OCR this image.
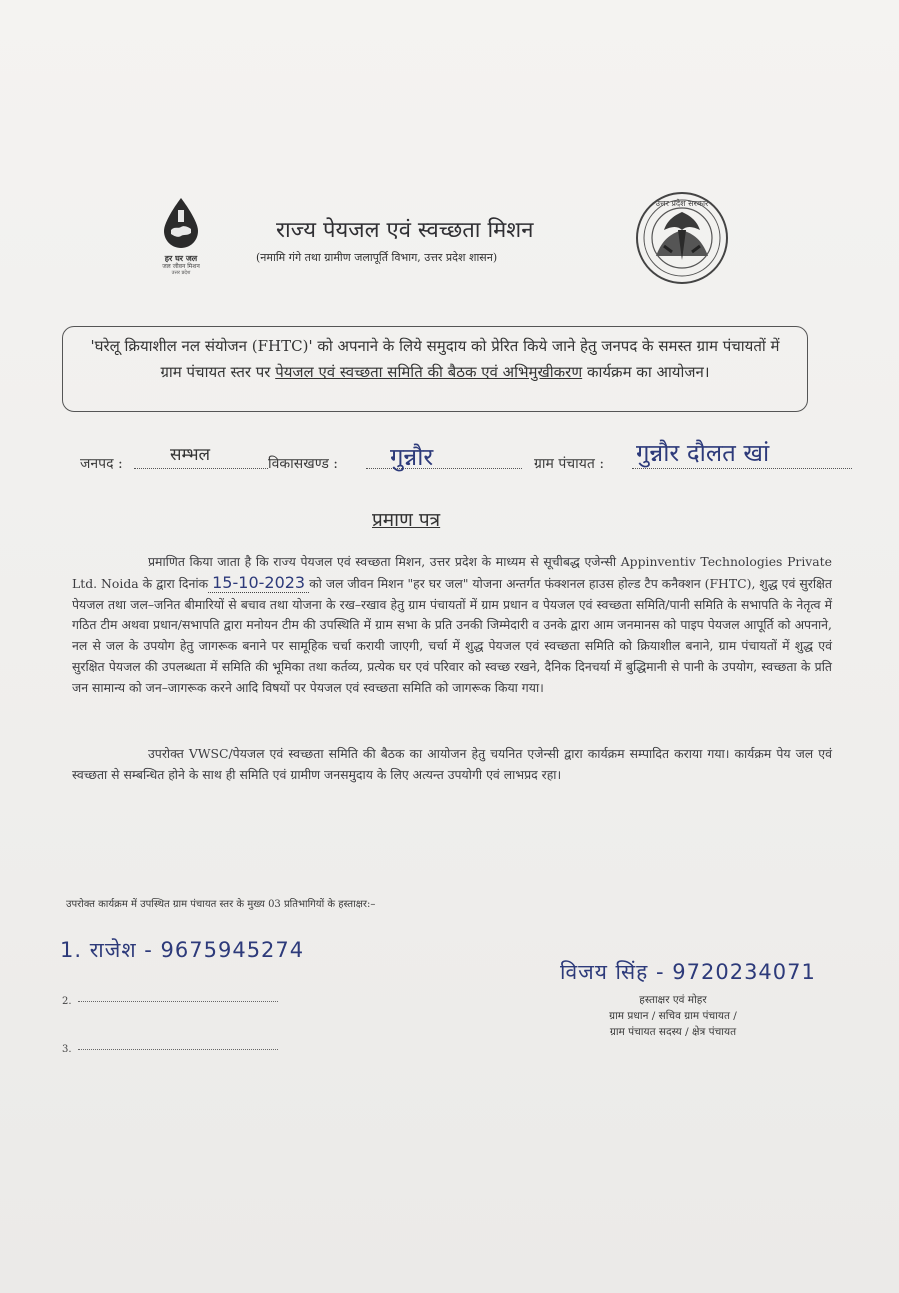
हर घर जल
जल जीवन मिशन
उत्तर प्रदेश
राज्य पेयजल एवं स्वच्छता मिशन
(नमामि गंगे तथा ग्रामीण जलापूर्ति विभाग, उत्तर प्रदेश शासन)
उत्तर प्रदेश सरकार
'घरेलू क्रियाशील नल संयोजन (FHTC)' को अपनाने के लिये समुदाय को प्रेरित किये जाने हेतु जनपद के समस्त ग्राम पंचायतों में ग्राम पंचायत स्तर पर पेयजल एवं स्वच्छता समिति की बैठक एवं अभिमुखीकरण कार्यक्रम का आयोजन।
जनपद :	सम्भल	विकासखण्ड : गुन्नौर	ग्राम पंचायत : गुन्नौर दौलत खां
प्रमाण पत्र
प्रमाणित किया जाता है कि राज्य पेयजल एवं स्वच्छता मिशन, उत्तर प्रदेश के माध्यम से सूचीबद्ध एजेन्सी Appinventiv Technologies Private Ltd. Noida के द्वारा दिनांक 15-10-2023 को जल जीवन मिशन "हर घर जल" योजना अन्तर्गत फंक्शनल हाउस होल्ड टैप कनैक्शन (FHTC), शुद्ध एवं सुरक्षित पेयजल तथा जल–जनित बीमारियों से बचाव तथा योजना के रख–रखाव हेतु ग्राम पंचायतों में ग्राम प्रधान व पेयजल एवं स्वच्छता समिति/पानी समिति के सभापति के नेतृत्व में गठित टीम अथवा प्रधान/सभापति द्वारा मनोयन टीम की उपस्थिति में ग्राम सभा के प्रति उनकी जिम्मेदारी व उनके द्वारा आम जनमानस को पाइप पेयजल आपूर्ति को अपनाने, नल से जल के उपयोग हेतु जागरूक बनाने पर सामूहिक चर्चा करायी जाएगी, चर्चा में शुद्ध पेयजल एवं स्वच्छता समिति को क्रियाशील बनाने, ग्राम पंचायतों में शुद्ध एवं सुरक्षित पेयजल की उपलब्धता में समिति की भूमिका तथा कर्तव्य, प्रत्येक घर एवं परिवार को स्वच्छ रखने, दैनिक दिनचर्या में बुद्धिमानी से पानी के उपयोग, स्वच्छता के प्रति जन सामान्य को जन–जागरूक करने आदि विषयों पर पेयजल एवं स्वच्छता समिति को जागरूक किया गया।
उपरोक्त VWSC/पेयजल एवं स्वच्छता समिति की बैठक का आयोजन हेतु चयनित एजेन्सी द्वारा कार्यक्रम सम्पादित कराया गया। कार्यक्रम पेय जल एवं स्वच्छता से सम्बन्धित होने के साथ ही समिति एवं ग्रामीण जनसमुदाय के लिए अत्यन्त उपयोगी एवं लाभप्रद रहा।
उपरोक्त कार्यक्रम में उपस्थित ग्राम पंचायत स्तर के मुख्य 03 प्रतिभागियों के हस्ताक्षर:–
1. राजेश - 9675945274
2.
3.
विजय सिंह - 9720234071
हस्ताक्षर एवं मोहर
ग्राम प्रधान / सचिव ग्राम पंचायत /
ग्राम पंचायत सदस्य / क्षेत्र पंचायत
